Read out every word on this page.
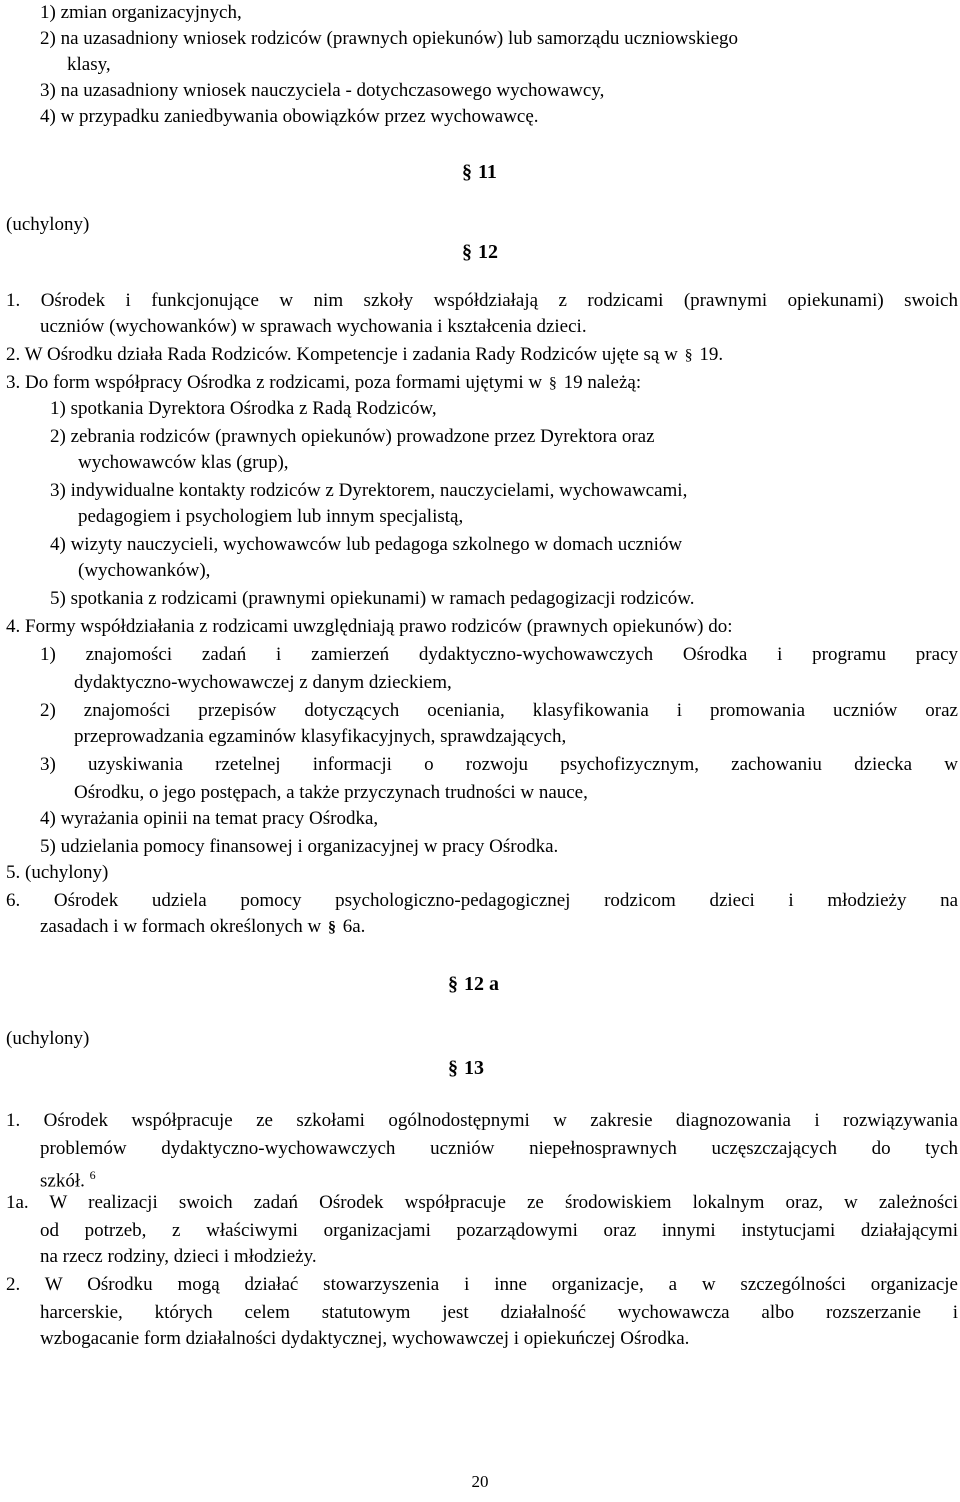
1) zmian organizacyjnych,
2) na uzasadniony wniosek rodziców (prawnych opiekunów) lub samorządu uczniowskiego
klasy,
3) na uzasadniony wniosek nauczyciela - dotychczasowego wychowawcy,
4) w przypadku zaniedbywania obowiązków przez wychowawcę.
§ 11
(uchylony)
§ 12
1. Ośrodek i funkcjonujące w nim szkoły współdziałają z rodzicami (prawnymi opiekunami) swoich
uczniów (wychowanków) w sprawach wychowania i kształcenia dzieci.
2. W Ośrodku działa Rada Rodziców. Kompetencje i zadania Rady Rodziców ujęte są w § 19.
3. Do form współpracy Ośrodka z rodzicami, poza formami ujętymi w § 19 należą:
1) spotkania Dyrektora Ośrodka z Radą Rodziców,
2) zebrania rodziców (prawnych opiekunów) prowadzone przez Dyrektora oraz
wychowawców klas (grup),
3) indywidualne kontakty rodziców z Dyrektorem, nauczycielami, wychowawcami,
pedagogiem i psychologiem lub innym specjalistą,
4) wizyty nauczycieli, wychowawców lub pedagoga szkolnego w domach uczniów
(wychowanków),
5) spotkania z rodzicami (prawnymi opiekunami) w ramach pedagogizacji rodziców.
4. Formy współdziałania z rodzicami uwzględniają prawo rodziców (prawnych opiekunów) do:
1) znajomości zadań i zamierzeń dydaktyczno-wychowawczych Ośrodka i programu pracy
dydaktyczno-wychowawczej z danym dzieckiem,
2) znajomości przepisów dotyczących oceniania, klasyfikowania i promowania uczniów oraz
przeprowadzania egzaminów klasyfikacyjnych, sprawdzających,
3) uzyskiwania rzetelnej informacji o rozwoju psychofizycznym, zachowaniu dziecka w
Ośrodku, o jego postępach, a także przyczynach trudności w nauce,
4) wyrażania opinii na temat pracy Ośrodka,
5) udzielania pomocy finansowej i organizacyjnej w pracy Ośrodka.
5. (uchylony)
6. Ośrodek udziela pomocy psychologiczno-pedagogicznej rodzicom dzieci i młodzieży na
zasadach i w formach określonych w § 6a.
§ 12 a
(uchylony)
§ 13
1. Ośrodek współpracuje ze szkołami ogólnodostępnymi w zakresie diagnozowania i rozwiązywania
problemów dydaktyczno-wychowawczych uczniów niepełnosprawnych uczęszczających do tych
szkół. $^6$
1a. W realizacji swoich zadań Ośrodek współpracuje ze środowiskiem lokalnym oraz, w zależności
od potrzeb, z właściwymi organizacjami pozarządowymi oraz innymi instytucjami działającymi
na rzecz rodziny, dzieci i młodzieży.
2. W Ośrodku mogą działać stowarzyszenia i inne organizacje, a w szczególności organizacje
harcerskie, których celem statutowym jest działalność wychowawcza albo rozszerzanie i
wzbogacanie form działalności dydaktycznej, wychowawczej i opiekuńczej Ośrodka.
20
